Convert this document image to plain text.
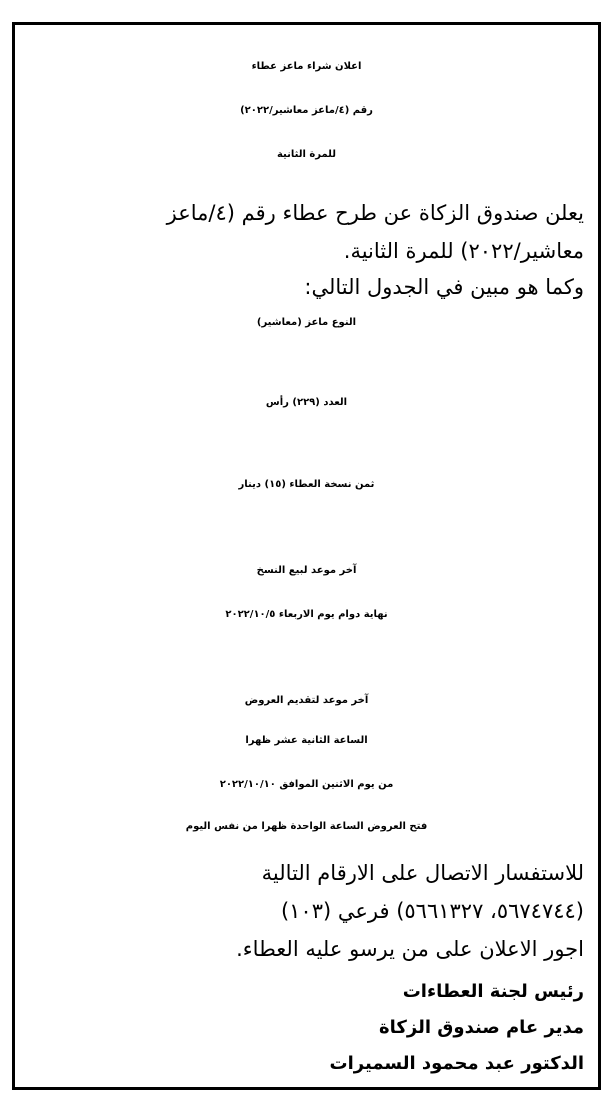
اعلان شراء ماعز عطاء
رقم (٤/ماعز معاشير/٢٠٢٢)
للمرة الثانية
يعلن صندوق الزكاة عن طرح عطاء رقم (٤/ماعز
معاشير/٢٠٢٢) للمرة الثانية.
وكما هو مبين في الجدول التالي:
النوع ماعز (معاشير)
العدد (٢٢٩) رأس
ثمن نسخة العطاء (١٥) دينار
آخر موعد لبيع النسخ
نهاية دوام يوم الاربعاء ٢٠٢٢/١٠/٥
آخر موعد لتقديم العروض
الساعة الثانية عشر ظهرا
من يوم الاثنين الموافق ٢٠٢٢/١٠/١٠
فتح العروض الساعة الواحدة ظهرا من نفس اليوم
للاستفسار الاتصال على الارقام التالية
(٥٦٧٤٧٤٤، ٥٦٦١٣٢٧) فرعي (١٠٣)
اجور الاعلان على من يرسو عليه العطاء.
رئيس لجنة العطاءات
مدير عام صندوق الزكاة
الدكتور عبد محمود السميرات
